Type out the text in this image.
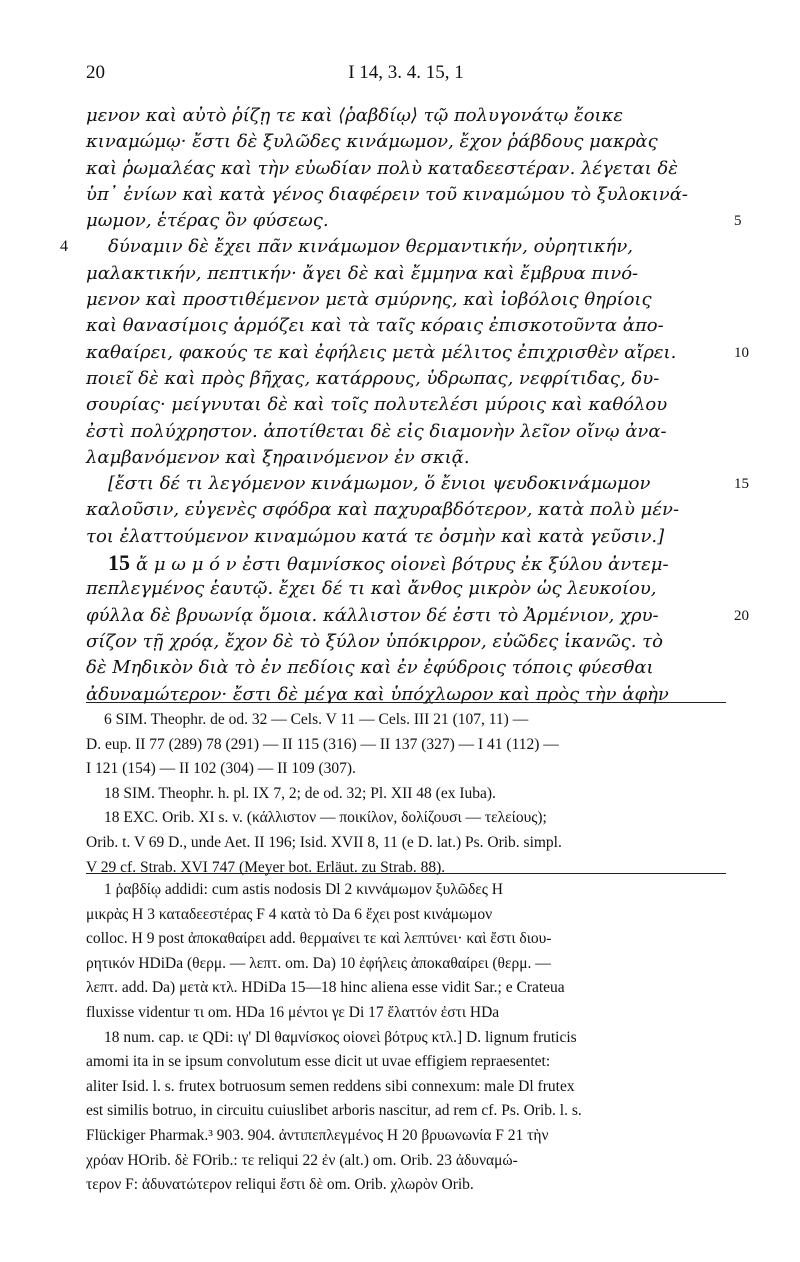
20	I 14, 3. 4. 15, 1
μενον καὶ αὐτὸ ῥίζῃ τε καὶ ⟨ῥαβδίῳ⟩ τῷ πολυγονάτῳ ἔοικε
κιναμώμῳ· ἔστι δὲ ξυλῶδες κινάμωμον, ἔχον ῥάβδους μακρὰς
καὶ ῥωμαλέας καὶ τὴν εὐωδίαν πολὺ καταδεεστέραν. λέγεται δὲ
ὑπ᾽ ἐνίων καὶ κατὰ γένος διαφέρειν τοῦ κιναμώμου τὸ ξυλοκινά-
μωμον, ἑτέρας ὂν φύσεως.	5
4 δύναμιν δὲ ἔχει πᾶν κινάμωμον θερμαντικήν, οὐρητικήν,
μαλακτικήν, πεπτικήν· ἄγει δὲ καὶ ἔμμηνα καὶ ἔμβρυα πινό-
μενον καὶ προστιθέμενον μετὰ σμύρνης, καὶ ἰοβόλοις θηρίοις
καὶ θανασίμοις ἁρμόζει καὶ τὰ ταῖς κόραις ἐπισκοτοῦντα ἀπο-
καθαίρει, φακούς τε καὶ ἐφήλεις μετὰ μέλιτος ἐπιχρισθὲν αἴρει.	10
ποιεῖ δὲ καὶ πρὸς βῆχας, κατάρρους, ὑδρωπας, νεφρίτιδας, δυ-
σουρίας· μείγνυται δὲ καὶ τοῖς πολυτελέσι μύροις καὶ καθόλου
ἐστὶ πολύχρηστον. ἀποτίθεται δὲ εἰς διαμονὴν λεῖον οἴνῳ ἀνα-
λαμβανόμενον καὶ ξηραινόμενον ἐν σκιᾷ.
[ἔστι δέ τι λεγόμενον κινάμωμον, ὅ ἔνιοι ψευδοκινάμωμον	15
καλοῦσιν, εὐγενὲς σφόδρα καὶ παχυραβδότερον, κατὰ πολὺ μέν-
τοι ἐλαττούμενον κιναμώμου κατά τε ὀσμὴν καὶ κατὰ γεῦσιν.]
15 ἄ μ ω μ ό ν ἐστι θαμνίσκος οἱονεὶ βότρυς ἐκ ξύλου ἀντεμ-
πεπλεγμένος ἑαυτῷ. ἔχει δέ τι καὶ ἄνθος μικρὸν ὡς λευκοίου,
φύλλα δὲ βρυωνίᾳ ὅμοια. κάλλιστον δέ ἐστι τὸ Ἀρμένιον, χρυ-	20
σίζον τῇ χρόᾳ, ἔχον δὲ τὸ ξύλον ὑπόκιρρον, εὐῶδες ἱκανῶς. τὸ
δὲ Μηδικὸν διὰ τὸ ἐν πεδίοις καὶ ἐν ἐφύδροις τόποις φύεσθαι
ἀδυναμώτερον· ἔστι δὲ μέγα καὶ ὑπόχλωρον καὶ πρὸς τὴν ἁφὴν
6 SIM. Theophr. de od. 32 — Cels. V 11 — Cels. III 21 (107, 11) —
D. eup. II 77 (289) 78 (291) — II 115 (316) — II 137 (327) — I 41 (112) —
I 121 (154) — II 102 (304) — II 109 (307).
18 SIM. Theophr. h. pl. IX 7, 2; de od. 32; Pl. XII 48 (ex Iuba).
18 EXC. Orib. XI s. v. (κάλλιστον — ποικίλον, δολίζουσι — τελείους);
Orib. t. V 69 D., unde Aet. II 196; Isid. XVII 8, 11 (e D. lat.) Ps. Orib. simpl.
V 29 cf. Strab. XVI 747 (Meyer bot. Erläut. zu Strab. 88).
1 ῥαβδίῳ addidi: cum astis nodosis Dl 2 κιννάμωμον ξυλῶδες H
μικρὰς H 3 καταδεεστέρας F 4 κατὰ τὸ Da 6 ἔχει post κινάμωμον
colloc. H 9 post ἀποκαθαίρει add. θερμαίνει τε καὶ λεπτύνει· καὶ ἔστι διου-
ρητικόν HDiDa (θερμ. — λεπτ. om. Da) 10 ἐφήλεις ἀποκαθαίρει (θερμ. —
λεπτ. add. Da) μετὰ κτλ. HDiDa 15—18 hinc aliena esse vidit Sar.; e Crateua
fluxisse videntur τι om. HDa 16 μέντοι γε Di 17 ἔλαττόν ἐστι HDa
18 num. cap. ιε QDi: ιγ' Dl θαμνίσκος οἱονεὶ βότρυς κτλ.] D. lignum fruticis
amomi ita in se ipsum convolutum esse dicit ut uvae effigiem repraesentet:
aliter Isid. l. s. frutex botruosum semen reddens sibi connexum: male Dl frutex
est similis botruo, in circuitu cuiuslibet arboris nascitur, ad rem cf. Ps. Orib. l. s.
Flückiger Pharmak.³ 903. 904. ἀντιπεπλεγμένος H 20 βρυωνωνία F 21 τὴν
χρόαν HOrib. δὲ FOrib.: τε reliqui 22 ἐν (alt.) om. Orib. 23 ἀδυναμώ-
τερον F: ἀδυνατώτερον reliqui ἔστι δὲ om. Orib. χλωρὸν Orib.
